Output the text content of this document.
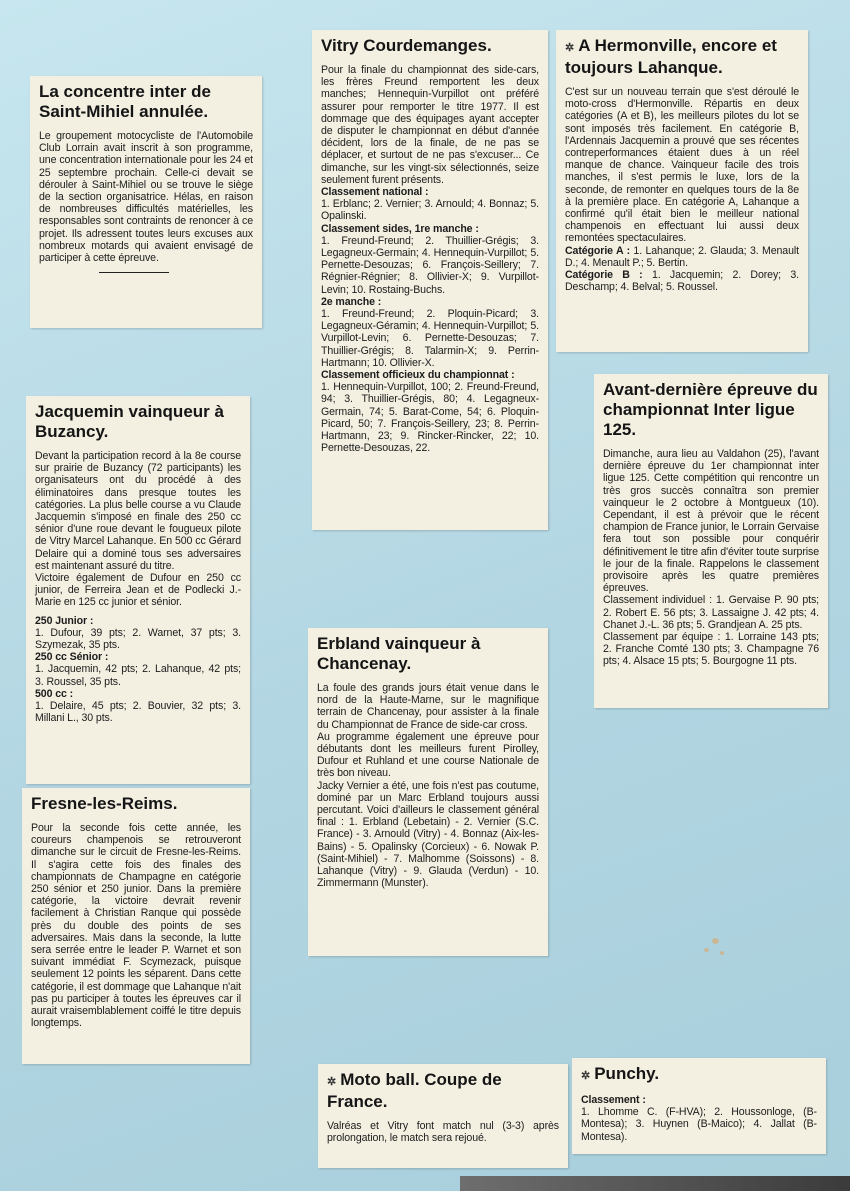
La concentre inter de Saint-Mihiel annulée.

Le groupement motocycliste de l'Automobile Club Lorrain avait inscrit à son programme, une concentration internationale pour les 24 et 25 septembre prochain. Celle-ci devait se dérouler à Saint-Mihiel ou se trouve le siège de la section organisatrice. Hélas, en raison de nombreuses difficultés matérielles, les responsables sont contraints de renoncer à ce projet. Ils adressent toutes leurs excuses aux nombreux motards qui avaient envisagé de participer à cette épreuve.

Vitry Courdemanges.

Pour la finale du championnat des side-cars, les frères Freund remportent les deux manches; Hennequin-Vurpillot ont préféré assurer pour remporter le titre 1977. Il est dommage que des équipages ayant accepter de disputer le championnat en début d'année décident, lors de la finale, de ne pas se déplacer, et surtout de ne pas s'excuser... Ce dimanche, sur les vingt-six sélectionnés, seize seulement furent présents.

Classement national :

1. Erblanc; 2. Vernier; 3. Arnould; 4. Bonnaz; 5. Opalinski.

Classement sides, 1re manche :

1. Freund-Freund; 2. Thuillier-Grégis; 3. Legagneux-Germain; 4. Hennequin-Vurpillot; 5. Pernette-Desouzas; 6. François-Seillery; 7. Régnier-Régnier; 8. Ollivier-X; 9. Vurpillot-Levin; 10. Rostaing-Buchs.

2e manche :

1. Freund-Freund; 2. Ploquin-Picard; 3. Legagneux-Géramin; 4. Hennequin-Vurpillot; 5. Vurpillot-Levin; 6. Pernette-Desouzas; 7. Thuillier-Grégis; 8. Talarmin-X; 9. Perrin-Hartmann; 10. Ollivier-X.

Classement officieux du championnat :

1. Hennequin-Vurpillot, 100; 2. Freund-Freund, 94; 3. Thuillier-Grégis, 80; 4. Legagneux-Germain, 74; 5. Barat-Come, 54; 6. Ploquin-Picard, 50; 7. François-Seillery, 23; 8. Perrin-Hartmann, 23; 9. Rincker-Rincker, 22; 10. Pernette-Desouzas, 22.

✲ A Hermonville, encore et toujours Lahanque.

C'est sur un nouveau terrain que s'est déroulé le moto-cross d'Hermonville. Répartis en deux catégories (A et B), les meilleurs pilotes du lot se sont imposés très facilement. En catégorie B, l'Ardennais Jacquemin a prouvé que ses récentes contreperformances étaient dues à un réel manque de chance. Vainqueur facile des trois manches, il s'est permis le luxe, lors de la seconde, de remonter en quelques tours de la 8e à la première place. En catégorie A, Lahanque a confirmé qu'il était bien le meilleur national champenois en effectuant lui aussi deux remontées spectaculaires.

Catégorie A : 1. Lahanque; 2. Glauda; 3. Menault D.; 4. Menault P.; 5. Bertin.

Catégorie B : 1. Jacquemin; 2. Dorey; 3. Deschamp; 4. Belval; 5. Roussel.

Jacquemin vainqueur à Buzancy.

Devant la participation record à la 8e course sur prairie de Buzancy (72 participants) les organisateurs ont du procédé à des éliminatoires dans presque toutes les catégories. La plus belle course a vu Claude Jacquemin s'imposé en finale des 250 cc sénior d'une roue devant le fougueux pilote de Vitry Marcel Lahanque. En 500 cc Gérard Delaire qui a dominé tous ses adversaires est maintenant assuré du titre.

Victoire également de Dufour en 250 cc junior, de Ferreira Jean et de Podlecki J.-Marie en 125 cc junior et sénior.

250 Junior :

1. Dufour, 39 pts; 2. Warnet, 37 pts; 3. Szymezak, 35 pts.

250 cc Sénior :

1. Jacquemin, 42 pts; 2. Lahanque, 42 pts; 3. Roussel, 35 pts.

500 cc :

1. Delaire, 45 pts; 2. Bouvier, 32 pts; 3. Millani L., 30 pts.

Avant-dernière épreuve du championnat Inter ligue 125.

Dimanche, aura lieu au Valdahon (25), l'avant dernière épreuve du 1er championnat inter ligue 125. Cette compétition qui rencontre un très gros succès connaîtra son premier vainqueur le 2 octobre à Montgueux (10). Cependant, il est à prévoir que le récent champion de France junior, le Lorrain Gervaise fera tout son possible pour conquérir définitivement le titre afin d'éviter toute surprise le jour de la finale. Rappelons le classement provisoire après les quatre premières épreuves.

Classement individuel : 1. Gervaise P. 90 pts; 2. Robert E. 56 pts; 3. Lassaigne J. 42 pts; 4. Chanet J.-L. 36 pts; 5. Grandjean A. 25 pts.

Classement par équipe : 1. Lorraine 143 pts; 2. Franche Comté 130 pts; 3. Champagne 76 pts; 4. Alsace 15 pts; 5. Bourgogne 11 pts.

Erbland vainqueur à Chancenay.

La foule des grands jours était venue dans le nord de la Haute-Marne, sur le magnifique terrain de Chancenay, pour assister à la finale du Championnat de France de side-car cross.

Au programme également une épreuve pour débutants dont les meilleurs furent Pirolley, Dufour et Ruhland et une course Nationale de très bon niveau.

Jacky Vernier a été, une fois n'est pas coutume, dominé par un Marc Erbland toujours aussi percutant. Voici d'ailleurs le classement général final : 1. Erbland (Lebetain) - 2. Vernier (S.C. France) - 3. Arnould (Vitry) - 4. Bonnaz (Aix-les-Bains) - 5. Opalinsky (Corcieux) - 6. Nowak P. (Saint-Mihiel) - 7. Malhomme (Soissons) - 8. Lahanque (Vitry) - 9. Glauda (Verdun) - 10. Zimmermann (Munster).

Fresne-les-Reims.

Pour la seconde fois cette année, les coureurs champenois se retrouveront dimanche sur le circuit de Fresne-les-Reims. Il s'agira cette fois des finales des championnats de Champagne en catégorie 250 sénior et 250 junior. Dans la première catégorie, la victoire devrait revenir facilement à Christian Ranque qui possède près du double des points de ses adversaires. Mais dans la seconde, la lutte sera serrée entre le leader P. Warnet et son suivant immédiat F. Scymezack, puisque seulement 12 points les séparent. Dans cette catégorie, il est dommage que Lahanque n'ait pas pu participer à toutes les épreuves car il aurait vraisemblablement coiffé le titre depuis longtemps.

✲ Moto ball. Coupe de France.

Valréas et Vitry font match nul (3-3) après prolongation, le match sera rejoué.

✲ Punchy.

Classement :

1. Lhomme C. (F-HVA); 2. Houssonloge, (B-Montesa); 3. Huynen (B-Maico); 4. Jallat (B-Montesa).
